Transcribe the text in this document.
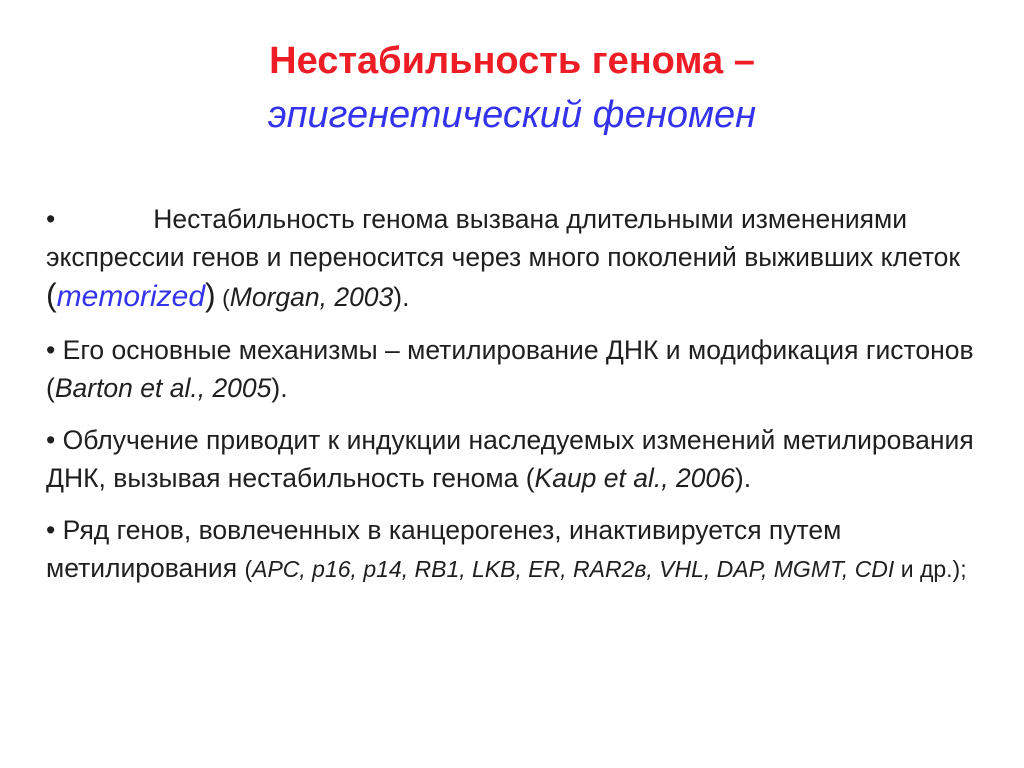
Нестабильность генома –
эпигенетический феномен

•	Нестабильность генома вызвана длительными изменениями экспрессии генов и переносится через много поколений выживших клеток (memorized) (Morgan, 2003).

• Его основные механизмы – метилирование ДНК и модификация гистонов (Barton et al., 2005).

• Облучение приводит к индукции наследуемых изменений метилирования ДНК, вызывая нестабильность генома (Kaup et al., 2006).

• Ряд генов, вовлеченных в канцерогенез, инактивируется путем метилирования (APC, p16, p14, RB1, LKB, ER, RAR2в, VHL, DAP, MGMT, CDI и др.);
